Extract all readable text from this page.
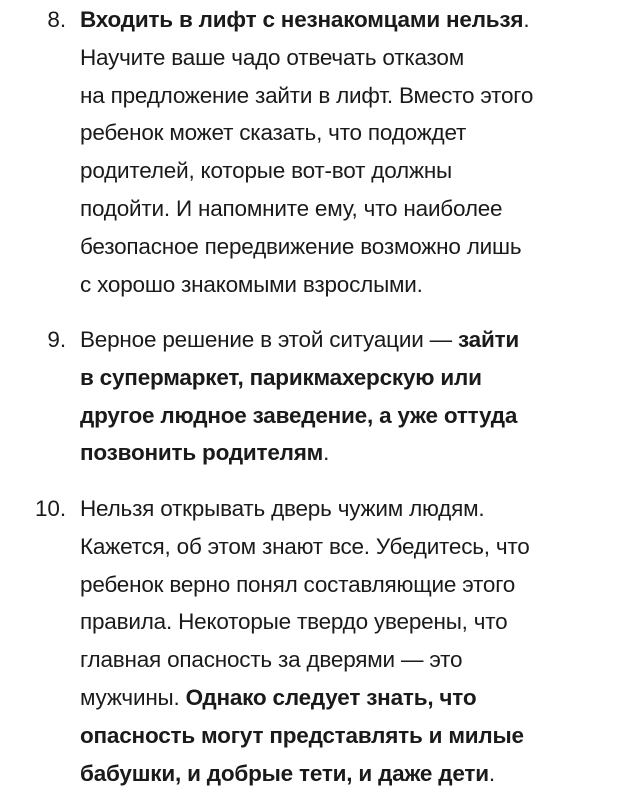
8. Входить в лифт с незнакомцами нельзя.
Научите ваше чадо отвечать отказом
на предложение зайти в лифт. Вместо этого
ребенок может сказать, что подождет
родителей, которые вот-вот должны
подойти. И напомните ему, что наиболее
безопасное передвижение возможно лишь
с хорошо знакомыми взрослыми.
9. Верное решение в этой ситуации — зайти
в супермаркет, парикмахерскую или
другое людное заведение, а уже оттуда
позвонить родителям.
10. Нельзя открывать дверь чужим людям.
Кажется, об этом знают все. Убедитесь, что
ребенок верно понял составляющие этого
правила. Некоторые твердо уверены, что
главная опасность за дверями — это
мужчины. Однако следует знать, что
опасность могут представлять и милые
бабушки, и добрые тети, и даже дети.
